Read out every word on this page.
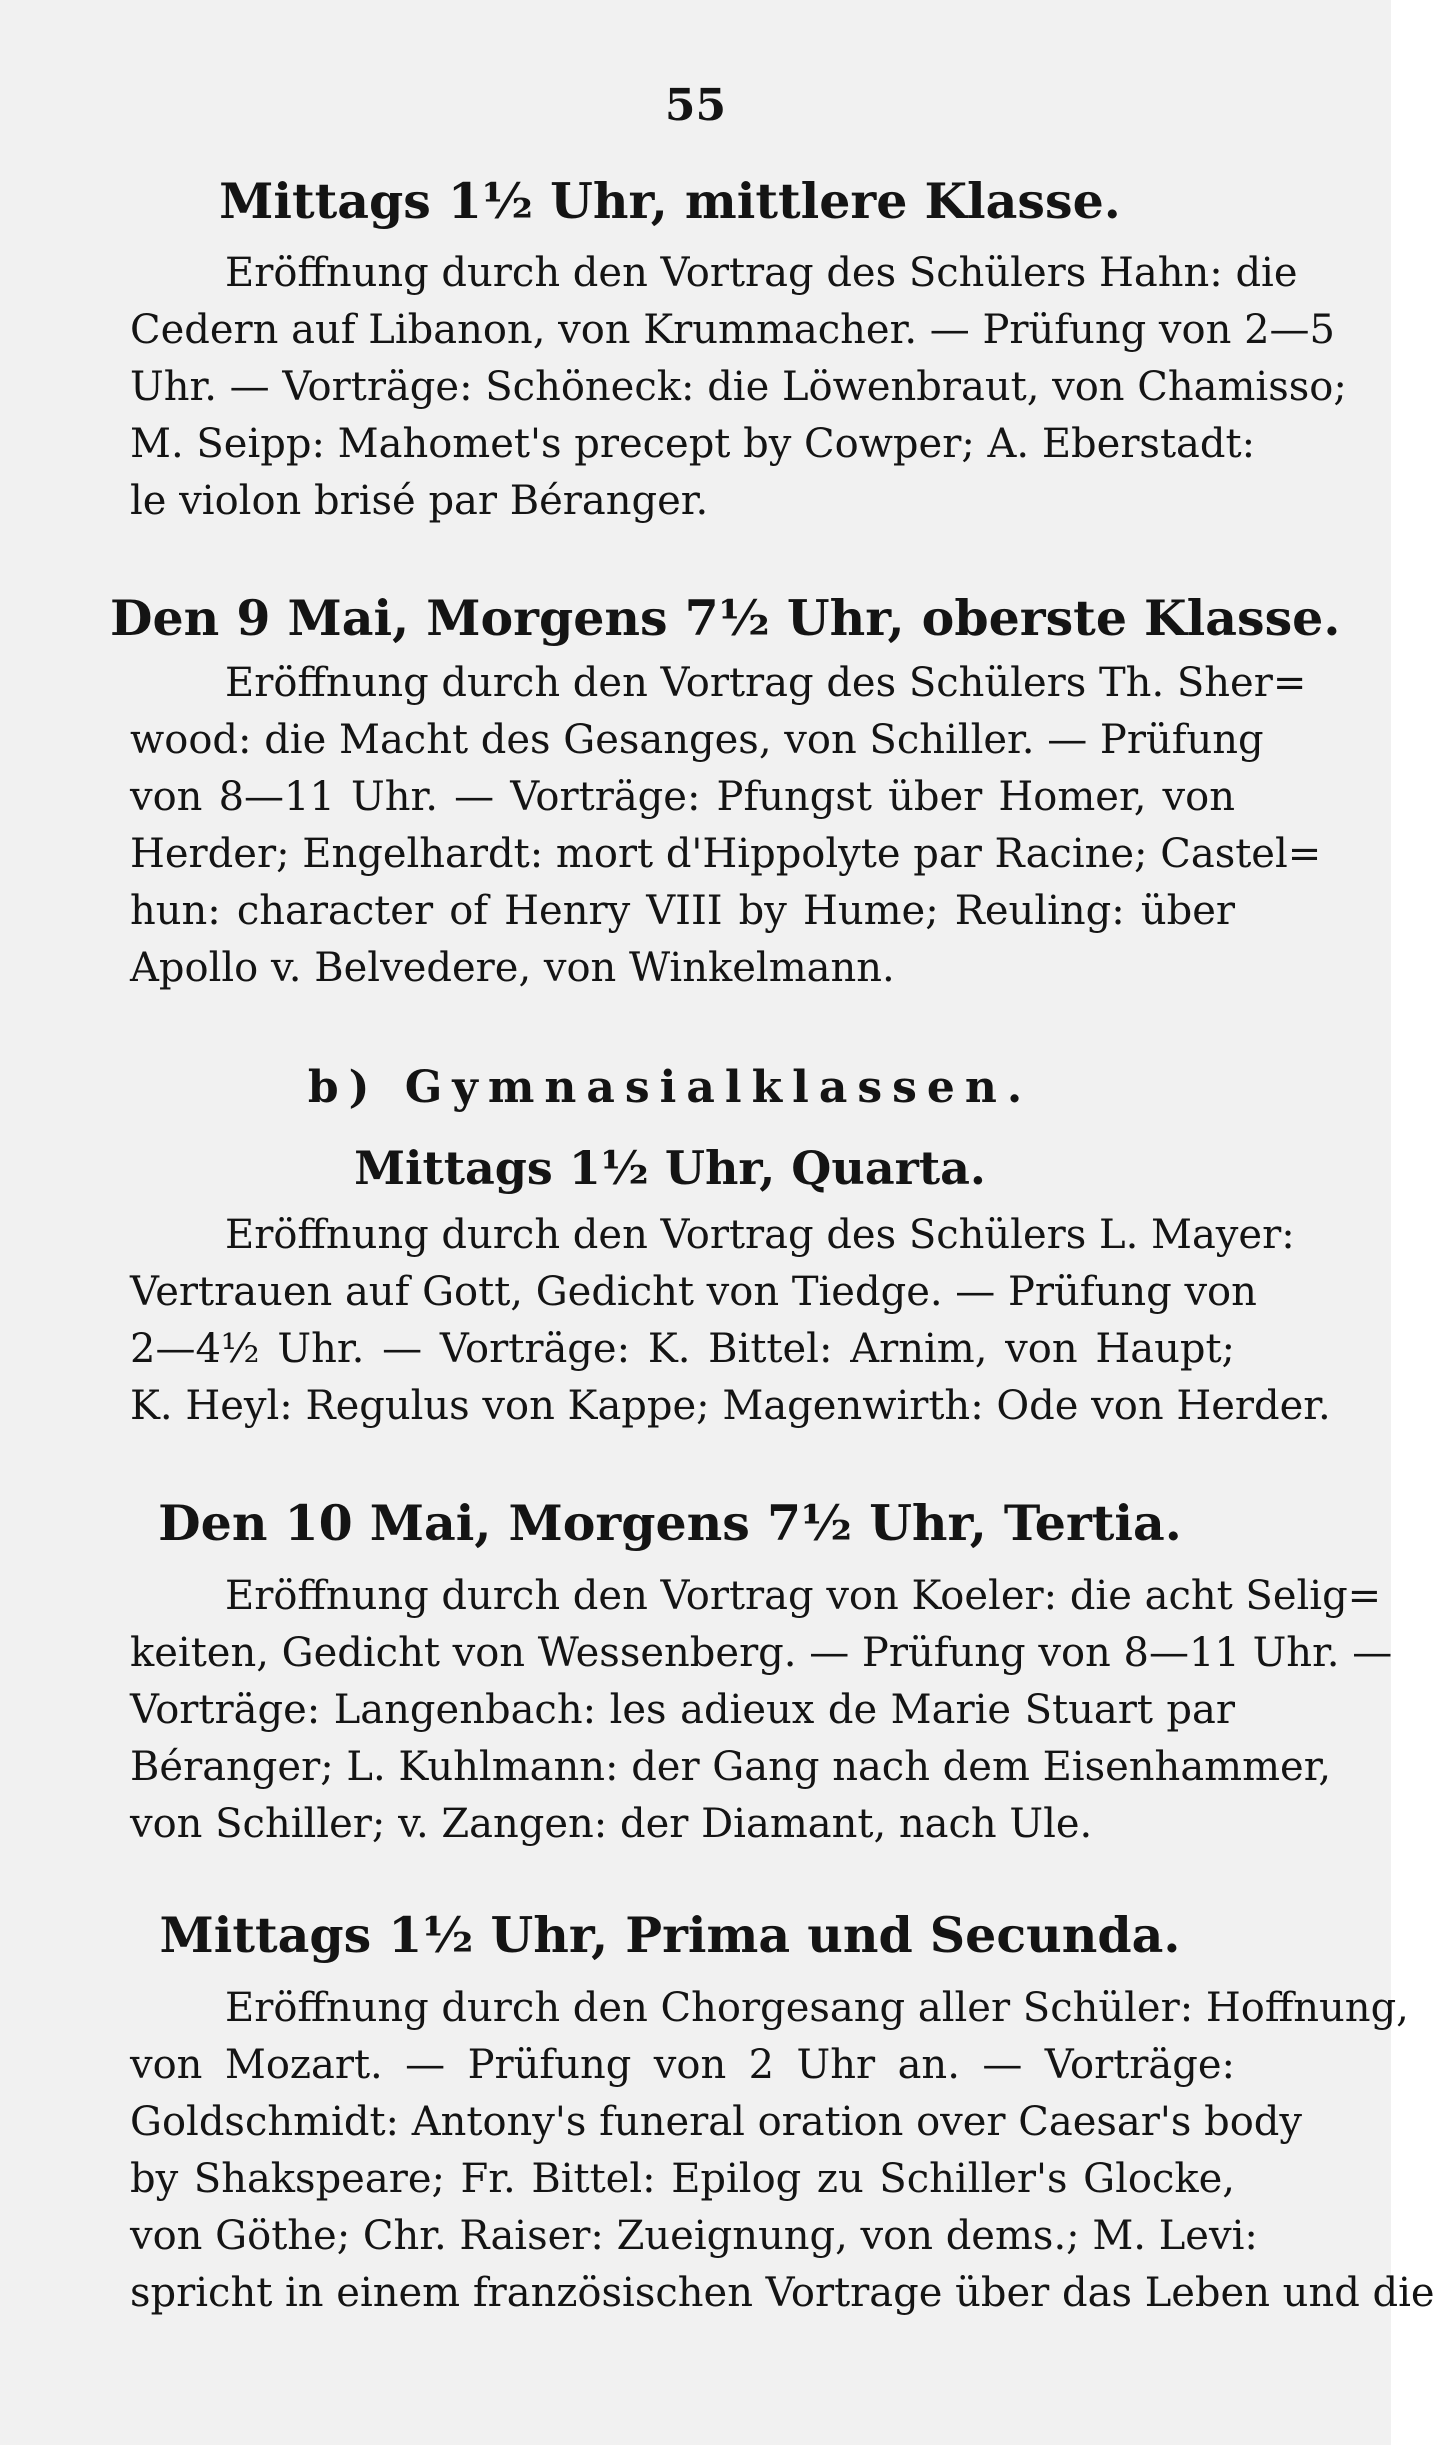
55
Mittags 1½ Uhr, mittlere Klasse.
Eröffnung durch den Vortrag des Schülers Hahn: die
Cedern auf Libanon, von Krummacher. — Prüfung von 2—5
Uhr. — Vorträge: Schöneck: die Löwenbraut, von Chamisso;
M. Seipp: Mahomet's precept by Cowper; A. Eberstadt:
le violon brisé par Béranger.
Den 9 Mai, Morgens 7½ Uhr, oberste Klasse.
Eröffnung durch den Vortrag des Schülers Th. Sher=
wood: die Macht des Gesanges, von Schiller. — Prüfung
von 8—11 Uhr. — Vorträge: Pfungst über Homer, von
Herder; Engelhardt: mort d'Hippolyte par Racine; Castel=
hun: character of Henry VIII by Hume; Reuling: über
Apollo v. Belvedere, von Winkelmann.
b) Gymnasialklassen.
Mittags 1½ Uhr, Quarta.
Eröffnung durch den Vortrag des Schülers L. Mayer:
Vertrauen auf Gott, Gedicht von Tiedge. — Prüfung von
2—4½ Uhr. — Vorträge: K. Bittel: Arnim, von Haupt;
K. Heyl: Regulus von Kappe; Magenwirth: Ode von Herder.
Den 10 Mai, Morgens 7½ Uhr, Tertia.
Eröffnung durch den Vortrag von Koeler: die acht Selig=
keiten, Gedicht von Wessenberg. — Prüfung von 8—11 Uhr. —
Vorträge: Langenbach: les adieux de Marie Stuart par
Béranger; L. Kuhlmann: der Gang nach dem Eisenhammer,
von Schiller; v. Zangen: der Diamant, nach Ule.
Mittags 1½ Uhr, Prima und Secunda.
Eröffnung durch den Chorgesang aller Schüler: Hoffnung,
von Mozart. — Prüfung von 2 Uhr an. — Vorträge:
Goldschmidt: Antony's funeral oration over Caesar's body
by Shakspeare; Fr. Bittel: Epilog zu Schiller's Glocke,
von Göthe; Chr. Raiser: Zueignung, von dems.; M. Levi:
spricht in einem französischen Vortrage über das Leben und die
